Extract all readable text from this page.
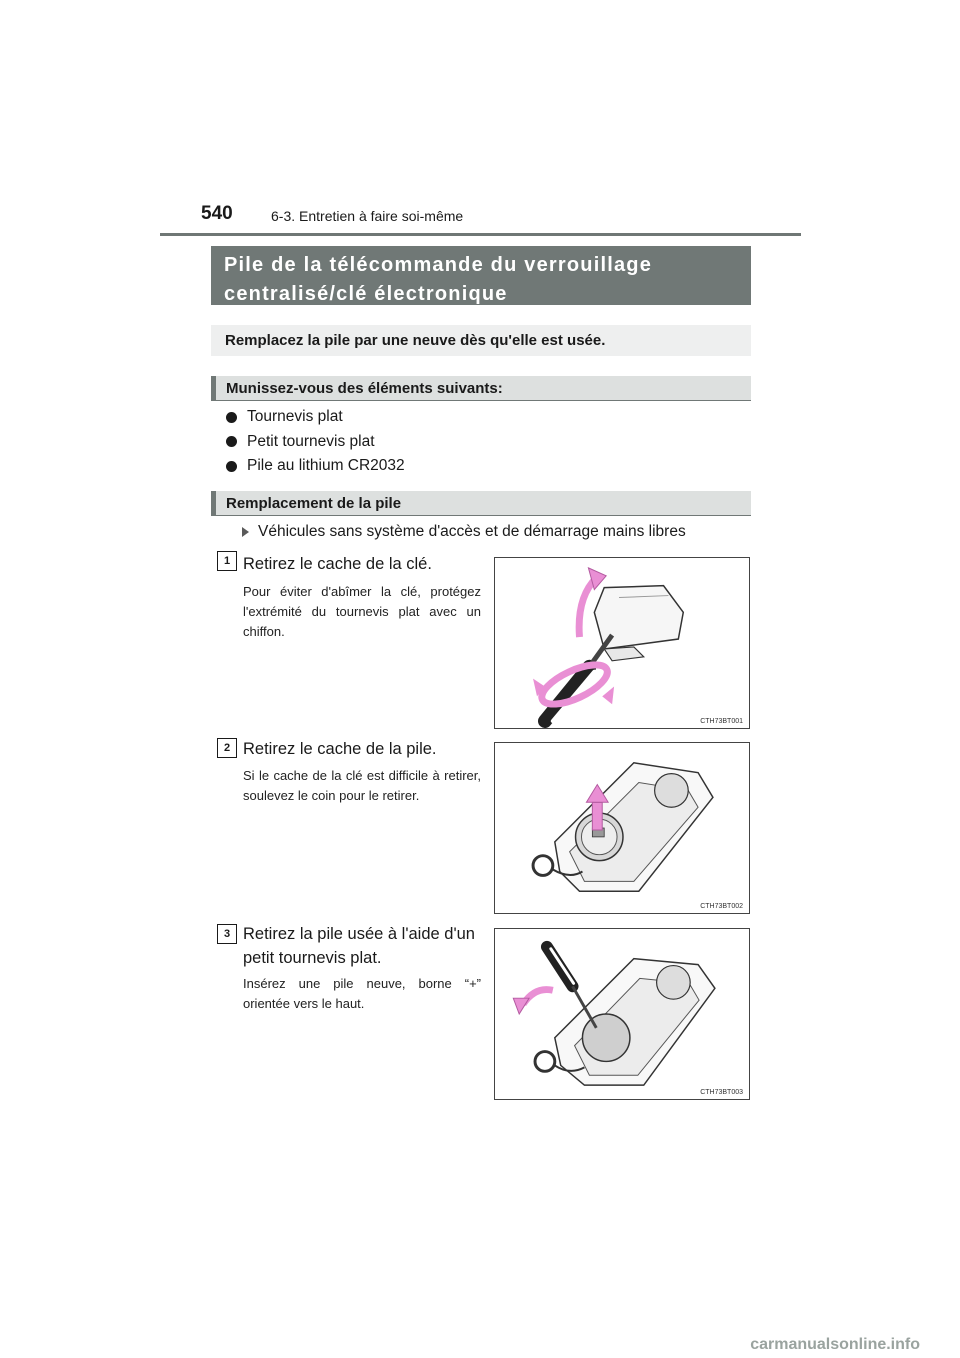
540	6-3. Entretien à faire soi-même
Pile de la télécommande du verrouillage
centralisé/clé électronique
Remplacez la pile par une neuve dès qu'elle est usée.
Munissez-vous des éléments suivants:
Tournevis plat
Petit tournevis plat
Pile au lithium CR2032
Remplacement de la pile
Véhicules sans système d'accès et de démarrage mains libres
1 Retirez le cache de la clé.
Pour éviter d'abîmer la clé, protégez l'extrémité du tournevis plat avec un chiffon.
CTH73BT001
2 Retirez le cache de la pile.
Si le cache de la clé est difficile à retirer, soulevez le coin pour le retirer.
CTH73BT002
3 Retirez la pile usée à l'aide d'un petit tournevis plat.
Insérez une pile neuve, borne “+” orientée vers le haut.
CTH73BT003
carmanualsonline.info
